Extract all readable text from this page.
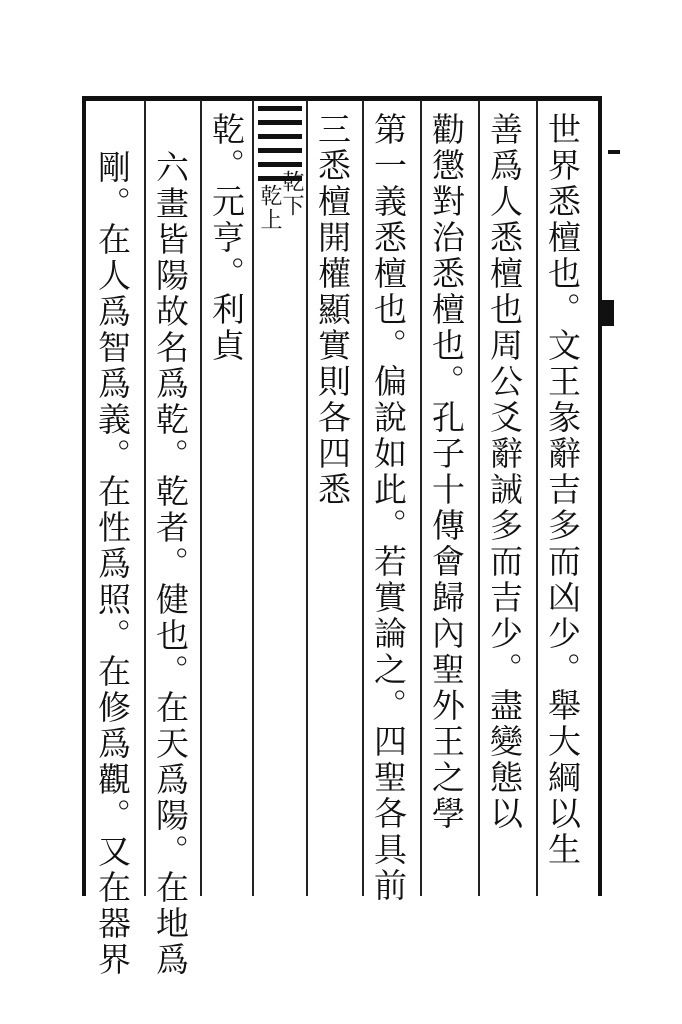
世界悉檀也。文王彖辭吉多而凶少。舉大綱以生
善爲人悉檀也周公爻辭誡多而吉少。盡變態以
勸懲對治悉檀也。孔子十傳會歸內聖外王之學
第一義悉檀也。偏說如此。若實論之。四聖各具前
三悉檀開權顯實則各四悉
乾下
乾上
乾。元亨。利貞
六畫皆陽故名爲乾。乾者。健也。在天爲陽。在地爲
剛。在人爲智爲義。在性爲照。在修爲觀。又在器界
